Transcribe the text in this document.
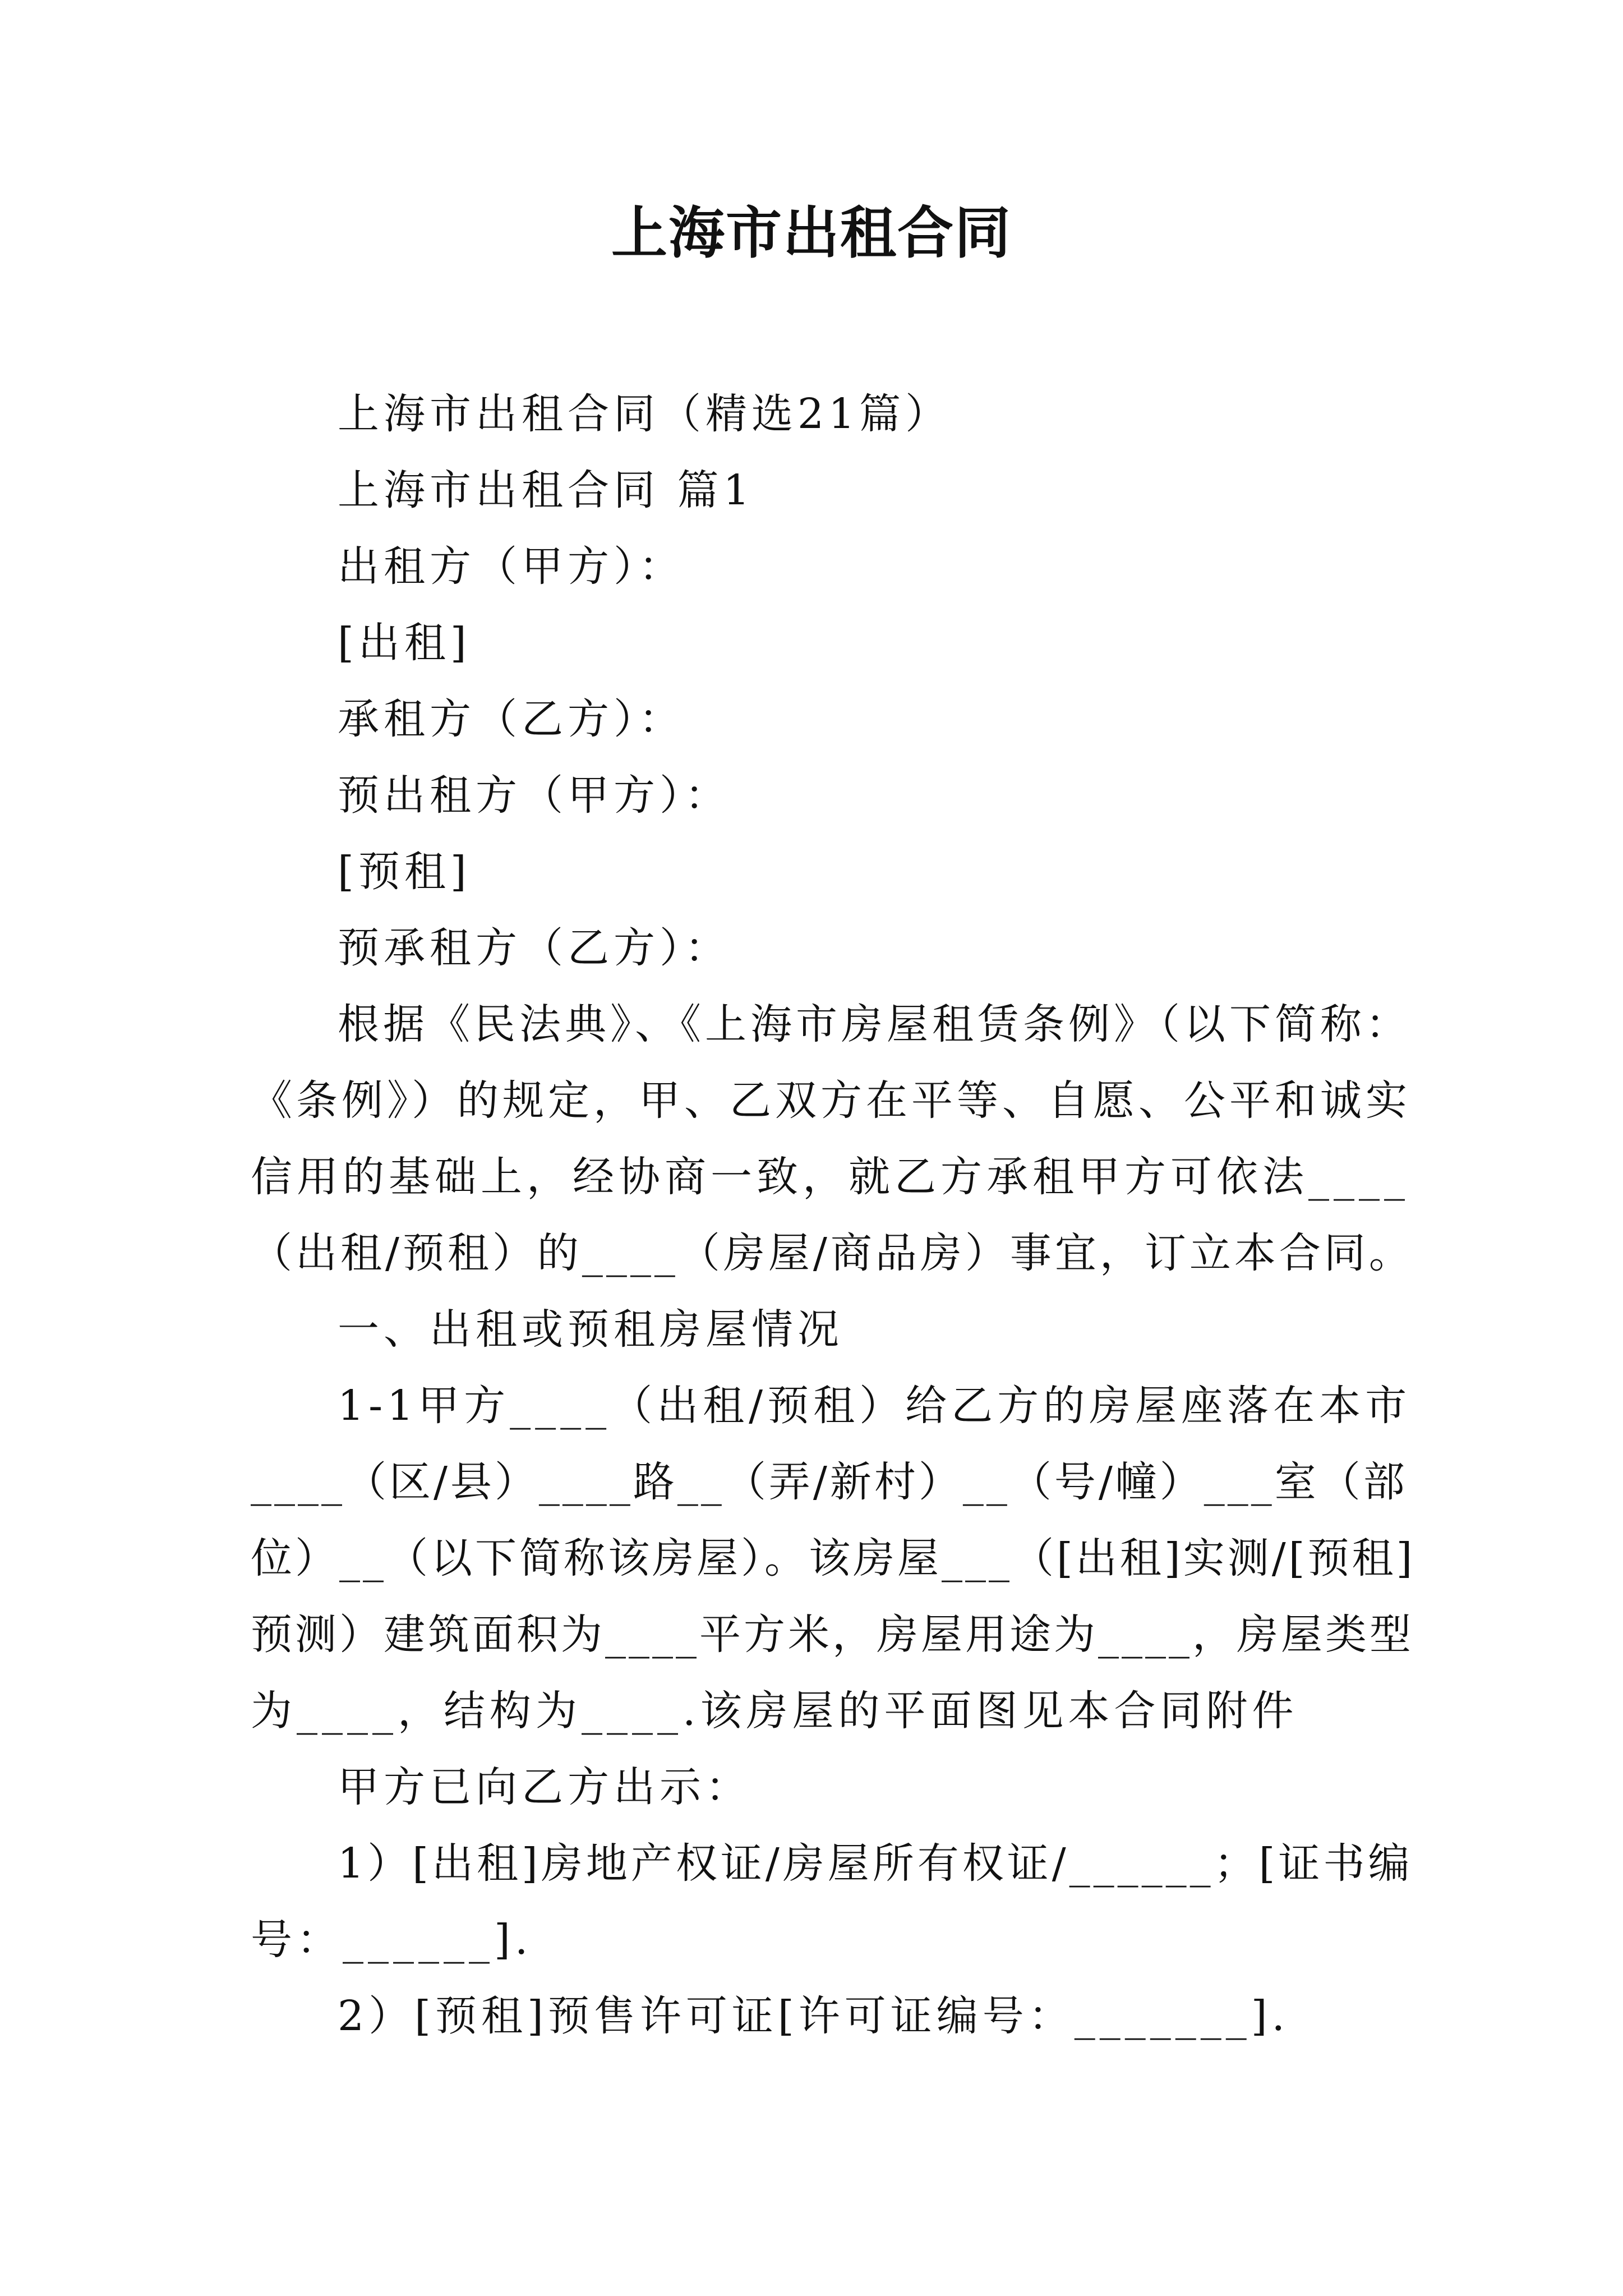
上海市出租合同
上海市出租合同（精选21篇）
上海市出租合同 篇1
出租方（甲方）：
[出租]
承租方（乙方）：
预出租方（甲方）：
[预租]
预承租方（乙方）：
根据《民法典》、《上海市房屋租赁条例》（以下简称：
《条例》）的规定，甲、乙双方在平等、自愿、公平和诚实
信用的基础上，经协商一致，就乙方承租甲方可依法____
（出租/预租）的____（房屋/商品房）事宜，订立本合同。
一、出租或预租房屋情况
1-1甲方____（出租/预租）给乙方的房屋座落在本市
____（区/县）____路__（弄/新村）__（号/幢）___室（部
位）__（以下简称该房屋）。该房屋___（[出租]实测/[预租]
预测）建筑面积为____平方米，房屋用途为____，房屋类型
为____，结构为____.该房屋的平面图见本合同附件
甲方已向乙方出示：
1）[出租]房地产权证/房屋所有权证/______；[证书编
号：______].
2）[预租]预售许可证[许可证编号：_______].
